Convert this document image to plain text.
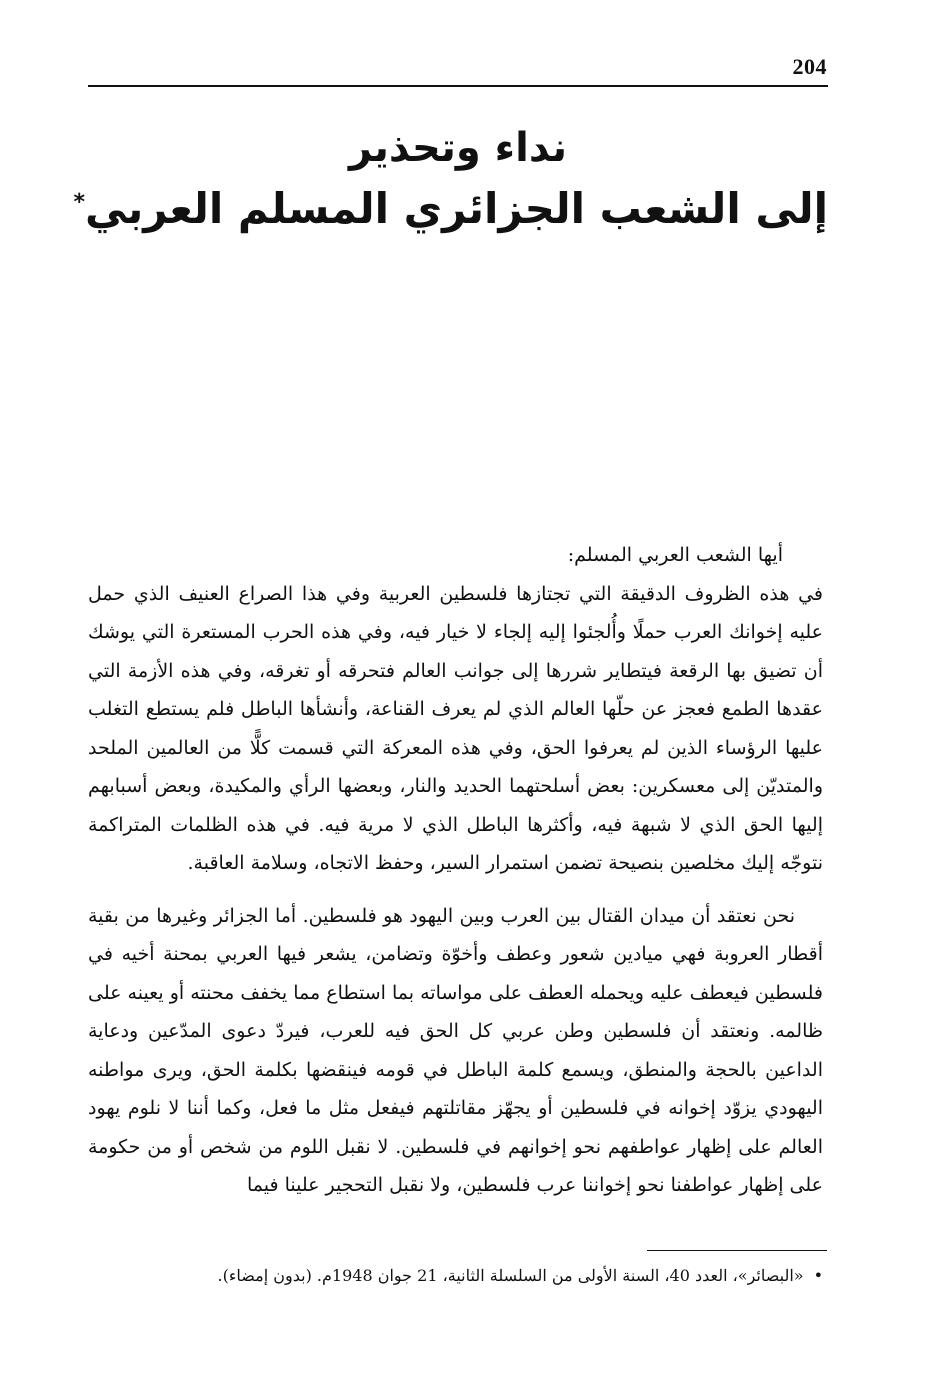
204
نداء وتحذير
إلى الشعب الجزائري المسلم العربي*

أيها الشعب العربي المسلم:

في هذه الظروف الدقيقة التي تجتازها فلسطين العربية وفي هذا الصراع العنيف الذي حمل عليه إخوانك العرب حملًا وأُلجئوا إليه إلجاء لا خيار فيه، وفي هذه الحرب المستعرة التي يوشك أن تضيق بها الرقعة فيتطاير شررها إلى جوانب العالم فتحرقه أو تغرقه، وفي هذه الأزمة التي عقدها الطمع فعجز عن حلّها العالم الذي لم يعرف القناعة، وأنشأها الباطل فلم يستطع التغلب عليها الرؤساء الذين لم يعرفوا الحق، وفي هذه المعركة التي قسمت كلًّا من العالمين الملحد والمتديّن إلى معسكرين: بعض أسلحتهما الحديد والنار، وبعضها الرأي والمكيدة، وبعض أسبابهم إليها الحق الذي لا شبهة فيه، وأكثرها الباطل الذي لا مرية فيه. في هذه الظلمات المتراكمة نتوجّه إليك مخلصين بنصيحة تضمن استمرار السير، وحفظ الاتجاه، وسلامة العاقبة.

نحن نعتقد أن ميدان القتال بين العرب وبين اليهود هو فلسطين. أما الجزائر وغيرها من بقية أقطار العروبة فهي ميادين شعور وعطف وأخوّة وتضامن، يشعر فيها العربي بمحنة أخيه في فلسطين فيعطف عليه ويحمله العطف على مواساته بما استطاع مما يخفف محنته أو يعينه على ظالمه. ونعتقد أن فلسطين وطن عربي كل الحق فيه للعرب، فيردّ دعوى المدّعين ودعاية الداعين بالحجة والمنطق، ويسمع كلمة الباطل في قومه فينقضها بكلمة الحق، ويرى مواطنه اليهودي يزوّد إخوانه في فلسطين أو يجهّز مقاتلتهم فيفعل مثل ما فعل، وكما أننا لا نلوم يهود العالم على إظهار عواطفهم نحو إخوانهم في فلسطين. لا نقبل اللوم من شخص أو من حكومة على إظهار عواطفنا نحو إخواننا عرب فلسطين، ولا نقبل التحجير علينا فيما

•«البصائر»، العدد 40، السنة الأولى من السلسلة الثانية، 21 جوان 1948م. (بدون إمضاء).
